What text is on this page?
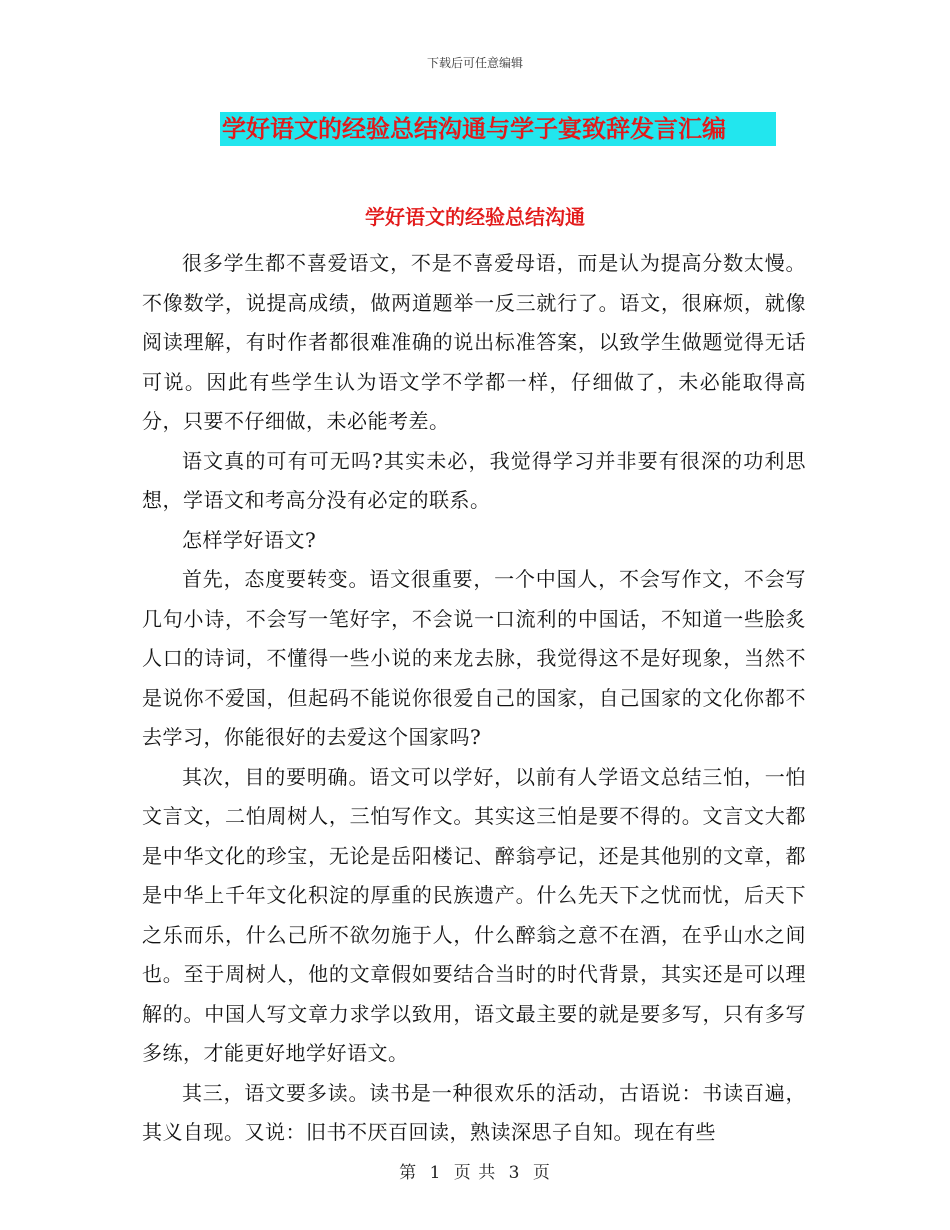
下载后可任意编辑
学好语文的经验总结沟通与学子宴致辞发言汇编
学好语文的经验总结沟通

很多学生都不喜爱语文，不是不喜爱母语，而是认为提高分数太慢。不像数学，说提高成绩，做两道题举一反三就行了。语文，很麻烦，就像阅读理解，有时作者都很难准确的说出标准答案，以致学生做题觉得无话可说。因此有些学生认为语文学不学都一样，仔细做了，未必能取得高分，只要不仔细做，未必能考差。

语文真的可有可无吗?其实未必，我觉得学习并非要有很深的功利思想，学语文和考高分没有必定的联系。

怎样学好语文?

首先，态度要转变。语文很重要，一个中国人，不会写作文，不会写几句小诗，不会写一笔好字，不会说一口流利的中国话，不知道一些脍炙人口的诗词，不懂得一些小说的来龙去脉，我觉得这不是好现象，当然不是说你不爱国，但起码不能说你很爱自己的国家，自己国家的文化你都不去学习，你能很好的去爱这个国家吗?

其次，目的要明确。语文可以学好，以前有人学语文总结三怕，一怕文言文，二怕周树人，三怕写作文。其实这三怕是要不得的。文言文大都是中华文化的珍宝，无论是岳阳楼记、醉翁亭记，还是其他别的文章，都是中华上千年文化积淀的厚重的民族遗产。什么先天下之忧而忧，后天下之乐而乐，什么己所不欲勿施于人，什么醉翁之意不在酒，在乎山水之间也。至于周树人，他的文章假如要结合当时的时代背景，其实还是可以理解的。中国人写文章力求学以致用，语文最主要的就是要多写，只有多写多练，才能更好地学好语文。

其三，语文要多读。读书是一种很欢乐的活动，古语说：书读百遍，其义自现。又说：旧书不厌百回读，熟读深思子自知。现在有些

第 1 页 共 3 页
